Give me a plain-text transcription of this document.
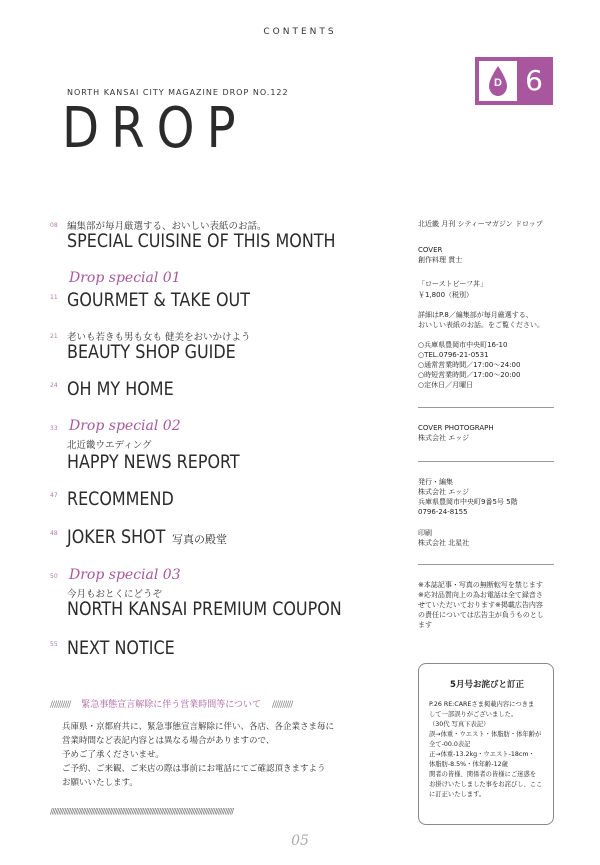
CONTENTS
D 6
NORTH KANSAI CITY MAGAZINE DROP NO.122
DROP
08 編集部が毎月厳選する、おいしい表紙のお話。
SPECIAL CUISINE OF THIS MONTH
Drop special 01
11 GOURMET & TAKE OUT
21 老いも若きも男も女も 健美をおいかけよう
BEAUTY SHOP GUIDE
24 OH MY HOME
Drop special 02
33
北近畿ウエディング
HAPPY NEWS REPORT
47 RECOMMEND
48 JOKER SHOT 写真の殿堂
Drop special 03
50
今月もおとくにどうぞ
NORTH KANSAI PREMIUM COUPON
55 NEXT NOTICE
////////// 緊急事態宣言解除に伴う営業時間等について //////////

兵庫県・京都府共に、緊急事態宣言解除に伴い、各店、各企業さま毎に

営業時間など表記内容とは異なる場合がありますので、

予めご了承くださいませ。

ご予約、ご来観、ご来店の際は事前にお電話にてご確認頂きますよう

お願いいたします。

////////////////////////////////////////////////////////////////////////////////////////////////////////////
05
北近畿 月刊 シティーマガジン ドロップ
COVER
創作料理 貫士
「ローストビーフ丼」
￥1,800（税別）
詳細はP.8／編集部が毎月厳選する、
おいしい表紙のお話。をご覧ください。
○兵庫県豊岡市中央町16-10
○TEL.0796-21-0531
○通常営業時間／17:00～24:00
○時短営業時間／17:00～20:00
○定休日／月曜日
COVER PHOTOGRAPH
株式会社 エッジ
発行・編集
株式会社 エッジ
兵庫県豊岡市中央町9番5号 5階
0796-24-8155
印刷
株式会社 北星社
※本誌記事・写真の無断転写を禁じます
※応対品質向上の為お電話は全て録音さ
せていただいております※掲載広告内容
の責任については広告主が負うものとし
ます
5月号お詫びと訂正
P.26 RE:CAREさま掲載内容につきま
して一部誤りがございました。
（30代 写真下表記）
誤→体重・ウエスト・体脂肪・体年齢が
全て-00.0表記
正→体重-13.2kg・ウエスト-18cm・
体脂肪-8.5%・体年齢-12歳
関者の皆様、関係者の皆様にご迷惑を
お掛けいたしました事をお詫びし、ここ
に訂正いたします。
